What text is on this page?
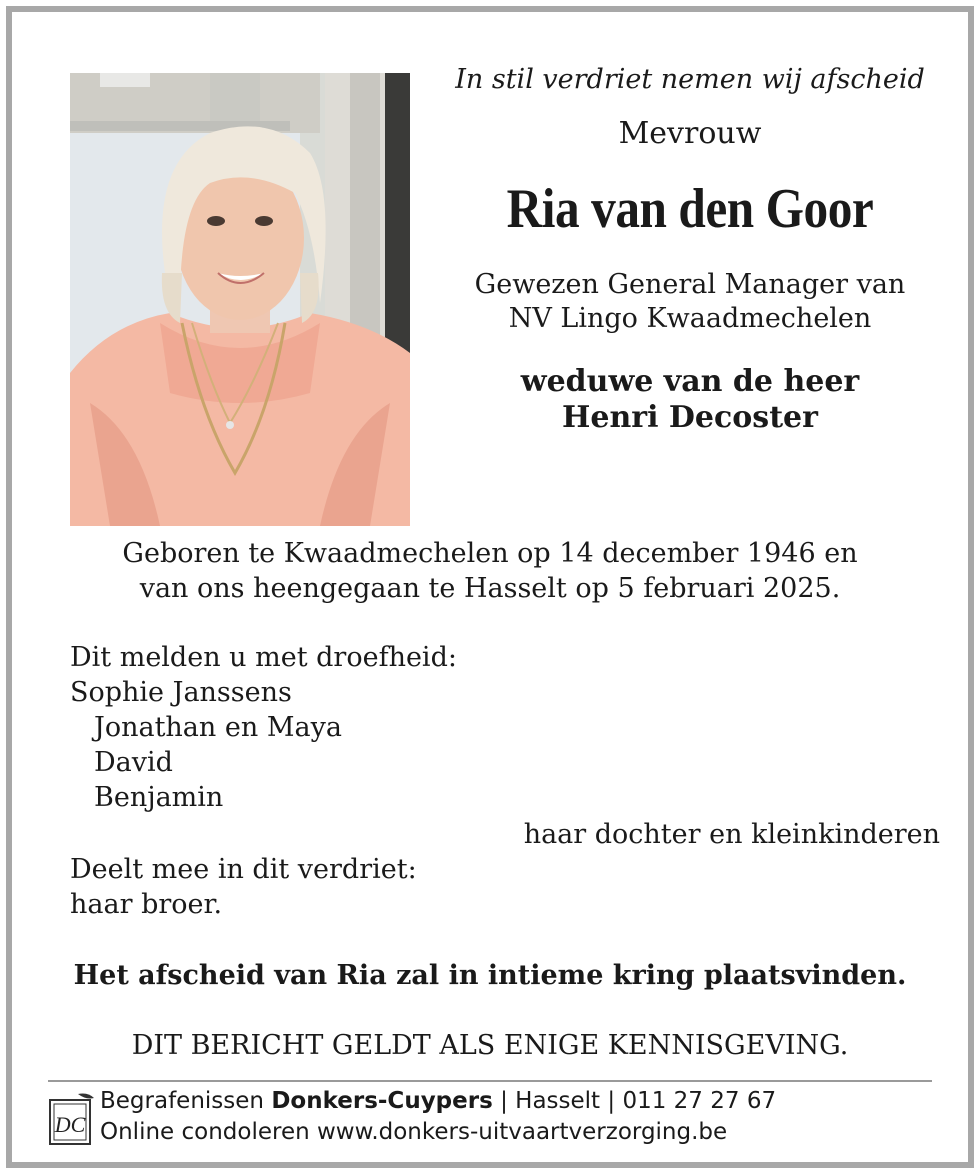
In stil verdriet nemen wij afscheid

Mevrouw

Ria van den Goor

Gewezen General Manager van
NV Lingo Kwaadmechelen

weduwe van de heer
Henri Decoster

Geboren te Kwaadmechelen op 14 december 1946 en
van ons heengegaan te Hasselt op 5 februari 2025.
Dit melden u met droefheid:
Sophie Janssens
Jonathan en Maya
David
Benjamin
haar dochter en kleinkinderen
Deelt mee in dit verdriet:
haar broer.
Het afscheid van Ria zal in intieme kring plaatsvinden.
DIT BERICHT GELDT ALS ENIGE KENNISGEVING.
DC
Begrafenissen Donkers-Cuypers | Hasselt | 011 27 27 67
Online condoleren www.donkers-uitvaartverzorging.be
